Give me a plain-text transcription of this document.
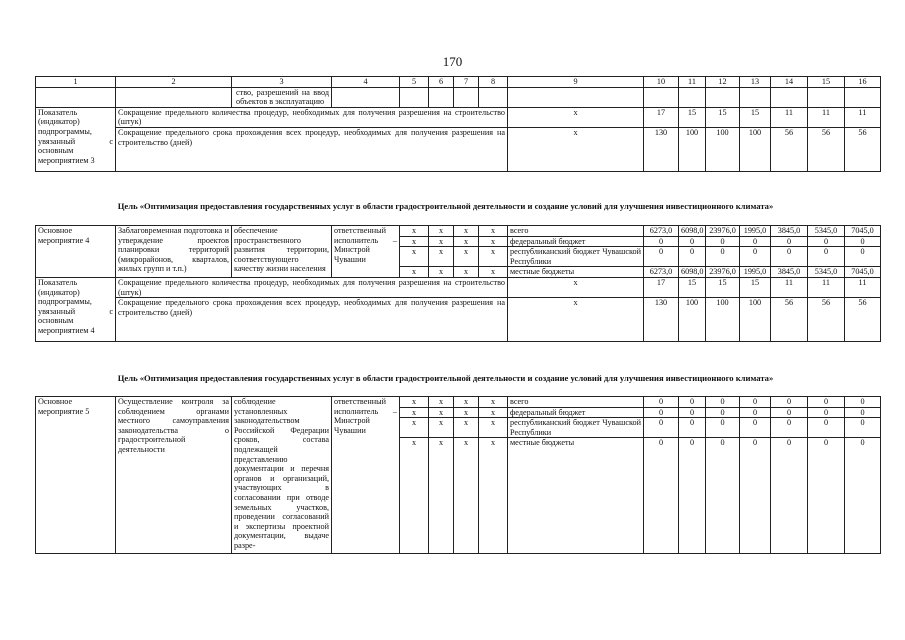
170
1	2	3	4	5	6	7	8	9	10	11	12	13	14	15	16
		ство, разрешений на ввод объектов в эксплуатацию													
Показатель (индикатор) подпрограммы, увязанный с основным мероприятием 3	Сокращение предельного количества процедур, необходимых для получения разрешения на строительство (штук)							x	17	15	15	15	11	11	11
	Сокращение предельного срока прохождения всех процедур, необходимых для получения разрешения на строительство (дней)							x	130	100	100	100	56	56	56
Цель «Оптимизация предоставления государственных услуг в области градостроительной деятельности и создание условий для улучшения инвестиционного климата»
Основное мероприятие 4	Заблаговременная подготовка и утверждение проектов планировки территорий (микрорайонов, кварталов, жилых групп и т.п.)	обеспечение пространственного развития территории, соответствующего качеству жизни населения	ответственный исполнитель – Минстрой Чувашии	x	x	x	x	всего	6273,0	6098,0	23976,0	1995,0	3845,0	5345,0	7045,0
				x	x	x	x	федеральный бюджет	0	0	0	0	0	0	0
				x	x	x	x	республиканский бюджет Чувашской Республики	0	0	0	0	0	0	0
				x	x	x	x	местные бюджеты	6273,0	6098,0	23976,0	1995,0	3845,0	5345,0	7045,0
Показатель (индикатор) подпрограммы, увязанный с основным мероприятием 4	Сокращение предельного количества процедур, необходимых для получения разрешения на строительство (штук)							x	17	15	15	15	11	11	11
	Сокращение предельного срока прохождения всех процедур, необходимых для получения разрешения на строительство (дней)							x	130	100	100	100	56	56	56
Цель «Оптимизация предоставления государственных услуг в области градостроительной деятельности и создание условий для улучшения инвестиционного климата»
Основное мероприятие 5	Осуществление контроля за соблюдением органами местного самоуправления законодательства о градостроительной деятельности	соблюдение установленных законодательством Российской Федерации сроков, состава подлежащей представлению документации и перечня органов и организаций, участвующих в согласовании при отводе земельных участков, проведении согласований и экспертизы проектной документации, выдаче разре-	ответственный исполнитель – Минстрой Чувашии	x	x	x	x	всего	0	0	0	0	0	0	0
				x	x	x	x	федеральный бюджет	0	0	0	0	0	0	0
				x	x	x	x	республиканский бюджет Чувашской Республики	0	0	0	0	0	0	0
				x	x	x	x	местные бюджеты	0	0	0	0	0	0	0
